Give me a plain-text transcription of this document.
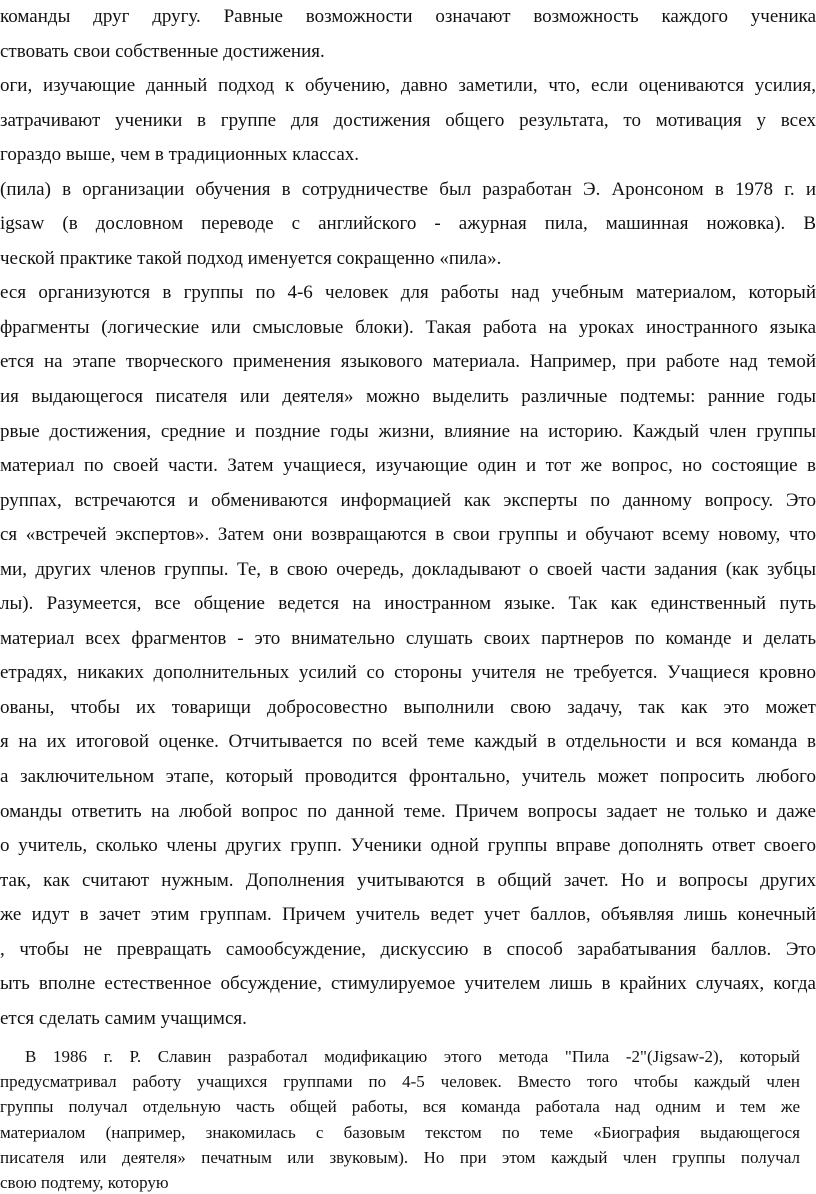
команды друг другу. Равные возможности означают возможность каждого ученика
ствовать свои собственные достижения.
оги, изучающие данный подход к обучению, давно заметили, что, если оцениваются усилия,
затрачивают ученики в группе для достижения общего результата, то мотивация у всех
гораздо выше, чем в традиционных классах.
(пила) в организации обучения в сотрудничестве был разработан Э. Аронсоном в 1978 г. и
igsaw (в дословном переводе с английского - ажурная пила, машинная ножовка). В
ческой практике такой подход именуется сокращенно «пила».
еся организуются в группы по 4-6 человек для работы над учебным материалом, который
фрагменты (логические или смысловые блоки). Такая работа на уроках иностранного языка
ется на этапе творческого применения языкового материала. Например, при работе над темой
ия выдающегося писателя или деятеля» можно выделить различные подтемы: ранние годы
рвые достижения, средние и поздние годы жизни, влияние на историю. Каждый член группы
материал по своей части. Затем учащиеся, изучающие один и тот же вопрос, но состоящие в
руппах, встречаются и обмениваются информацией как эксперты по данному вопросу. Это
ся «встречей экспертов». Затем они возвращаются в свои группы и обучают всему новому, что
ми, других членов группы. Те, в свою очередь, докладывают о своей части задания (как зубцы
лы). Разумеется, все общение ведется на иностранном языке. Так как единственный путь
материал всех фрагментов - это внимательно слушать своих партнеров по команде и делать
етрадях, никаких дополнительных усилий со стороны учителя не требуется. Учащиеся кровно
ованы, чтобы их товарищи добросовестно выполнили свою задачу, так как это может
я на их итоговой оценке. Отчитывается по всей теме каждый в отдельности и вся команда в
а заключительном этапе, который проводится фронтально, учитель может попросить любого
оманды ответить на любой вопрос по данной теме. Причем вопросы задает не только и даже
о учитель, сколько члены других групп. Ученики одной группы вправе дополнять ответ своего
так, как считают нужным. Дополнения учитываются в общий зачет. Но и вопросы других
же идут в зачет этим группам. Причем учитель ведет учет баллов, объявляя лишь конечный
, чтобы не превращать самообсуждение, дискуссию в способ зарабатывания баллов. Это
ыть вполне естественное обсуждение, стимулируемое учителем лишь в крайних случаях, когда
ется сделать самим учащимся.
В 1986 г. Р. Славин разработал модификацию этого метода "Пила -2"(Jigsaw-2), который
предусматривал работу учащихся группами по 4-5 человек. Вместо того чтобы каждый член
группы получал отдельную часть общей работы, вся команда работала над одним и тем же
материалом (например, знакомилась с базовым текстом по теме «Биография выдающегося
писателя или деятеля» печатным или звуковым). Но при этом каждый член группы получал
свою подтему, которую
